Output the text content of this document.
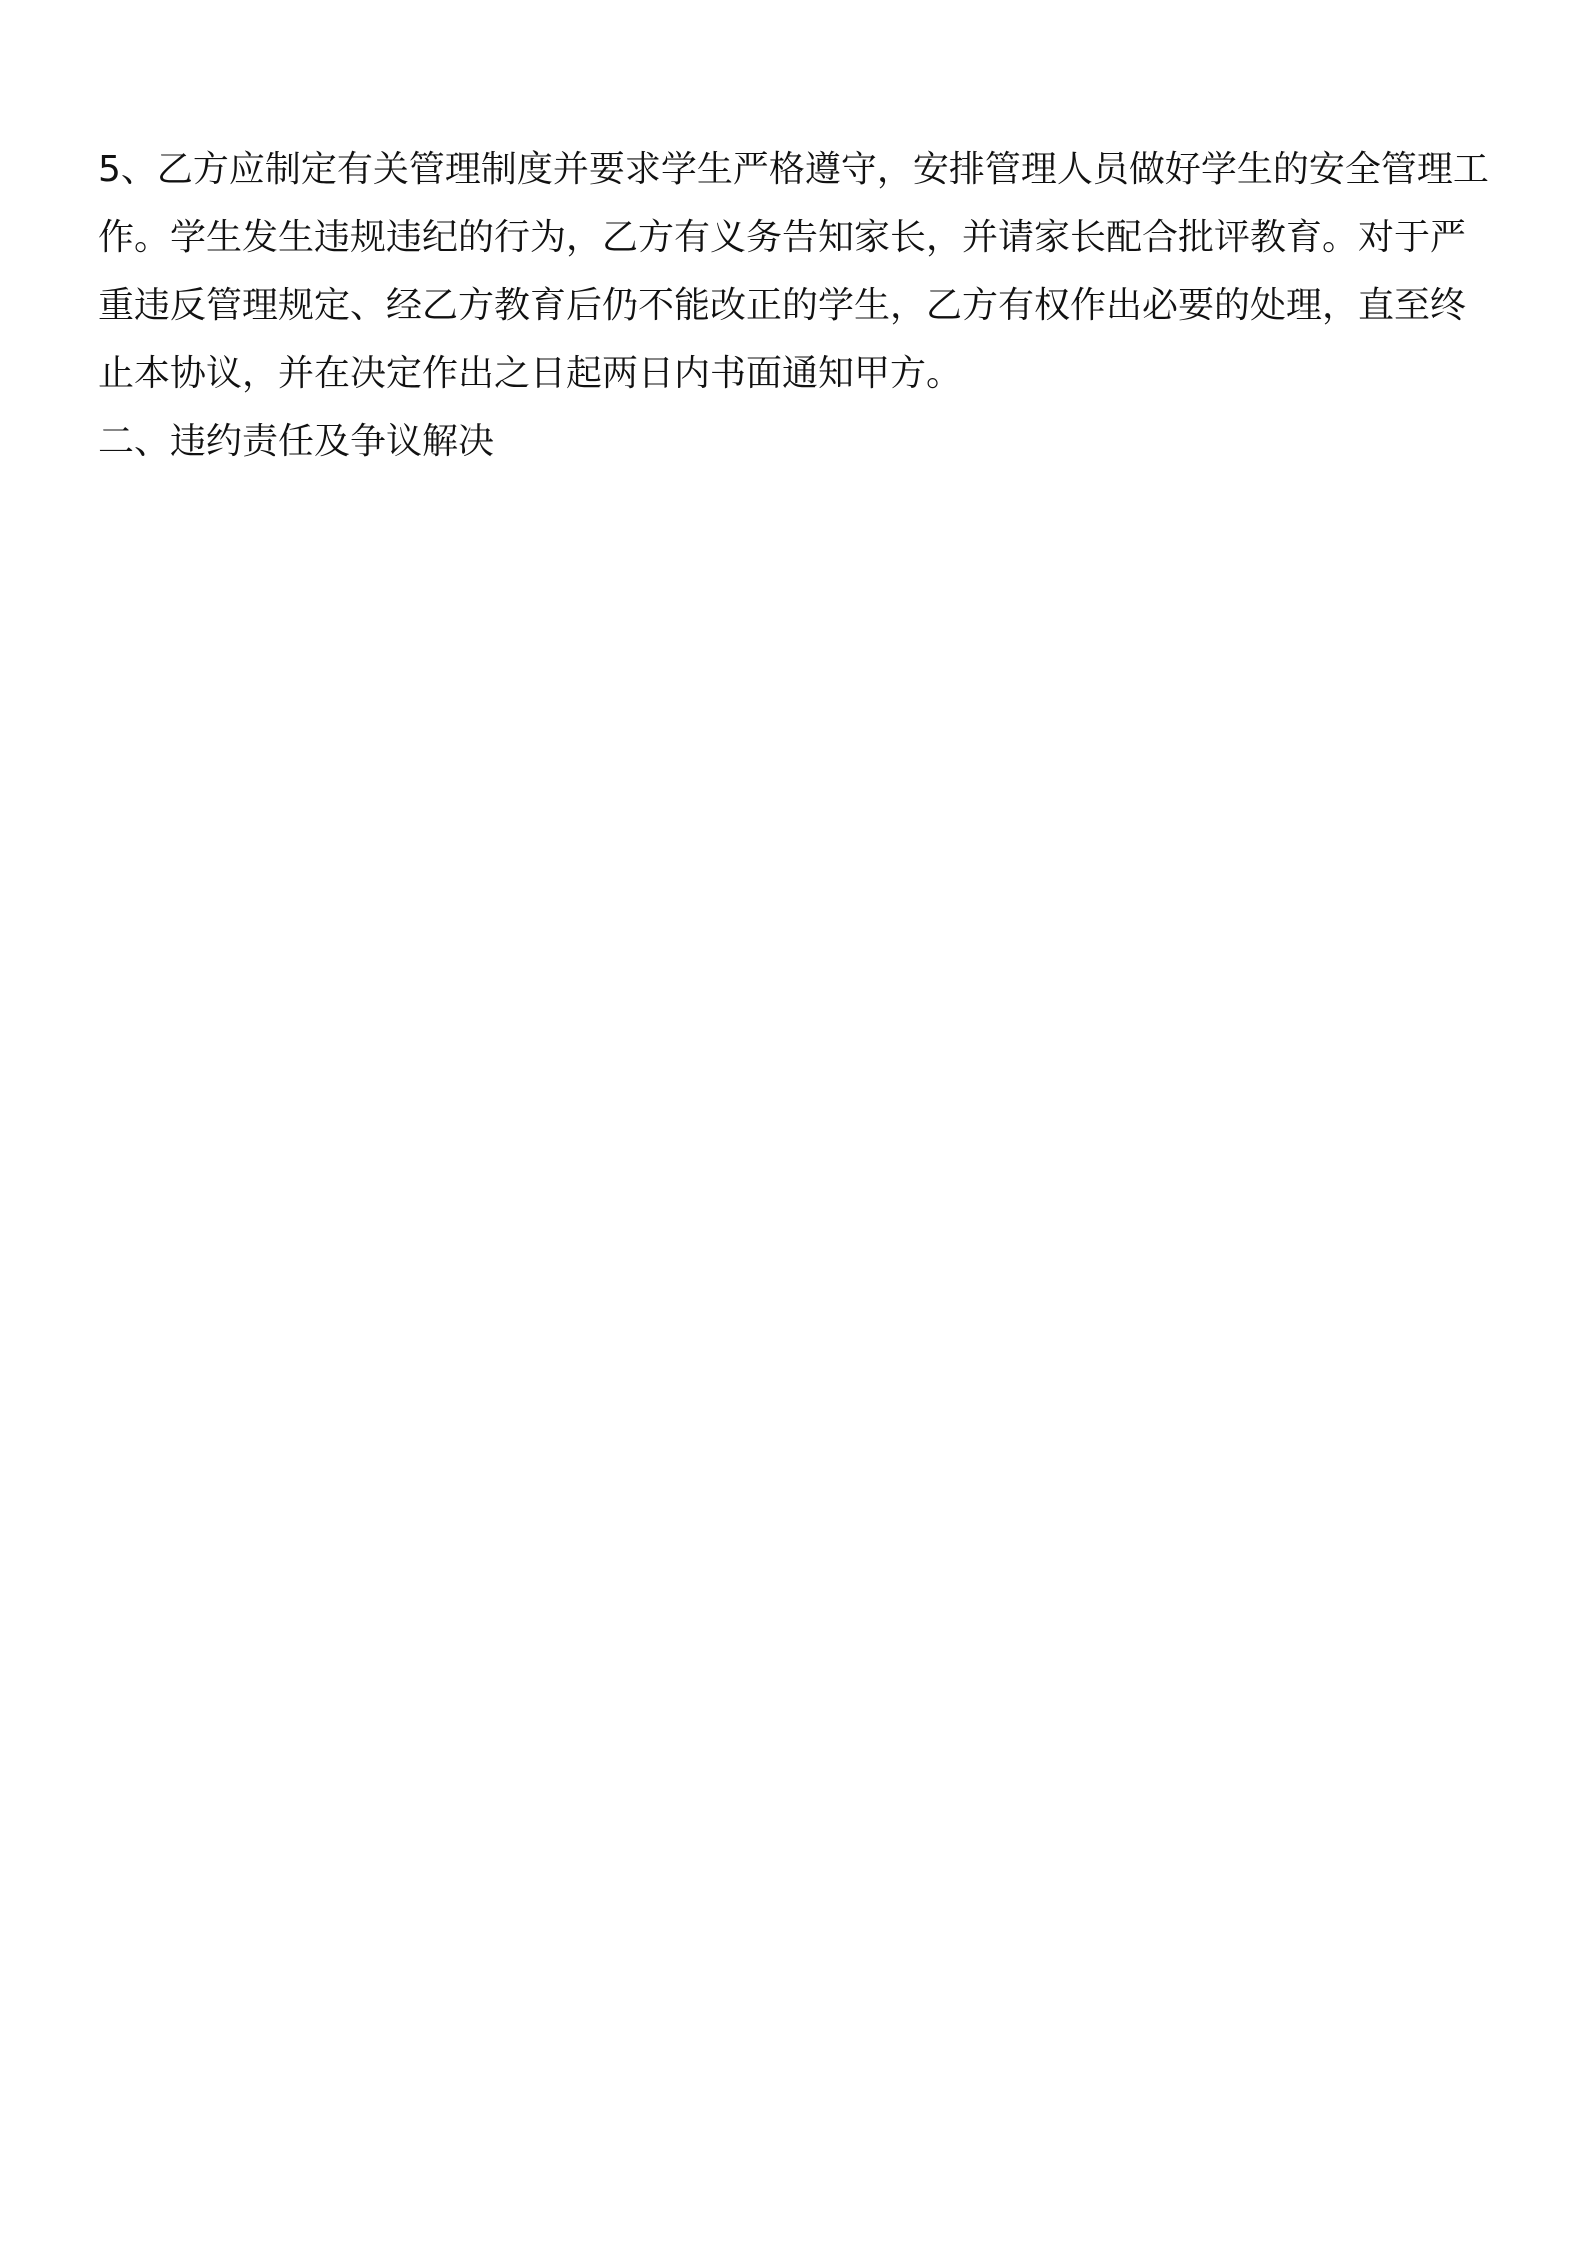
5、乙方应制定有关管理制度并要求学生严格遵守，安排管理人员做好学生的安全管理工作。学生发生违规违纪的行为，乙方有义务告知家长，并请家长配合批评教育。对于严重违反管理规定、经乙方教育后仍不能改正的学生，乙方有权作出必要的处理，直至终止本协议，并在决定作出之日起两日内书面通知甲方。

二、违约责任及争议解决
